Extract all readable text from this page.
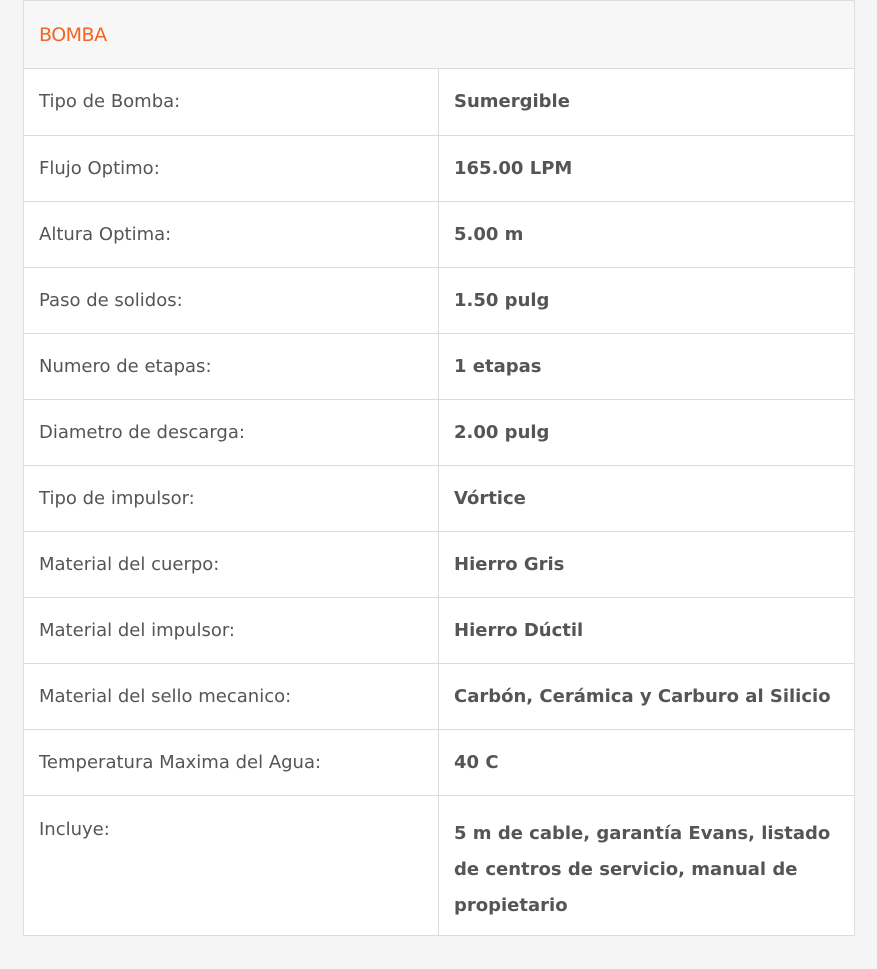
BOMBA
Tipo de Bomba:	Sumergible
Flujo Optimo:	165.00 LPM
Altura Optima:	5.00 m
Paso de solidos:	1.50 pulg
Numero de etapas:	1 etapas
Diametro de descarga:	2.00 pulg
Tipo de impulsor:	Vórtice
Material del cuerpo:	Hierro Gris
Material del impulsor:	Hierro Dúctil
Material del sello mecanico:	Carbón, Cerámica y Carburo al Silicio
Temperatura Maxima del Agua:	40 C
Incluye:	5 m de cable, garantía Evans, listado de centros de servicio, manual de propietario
